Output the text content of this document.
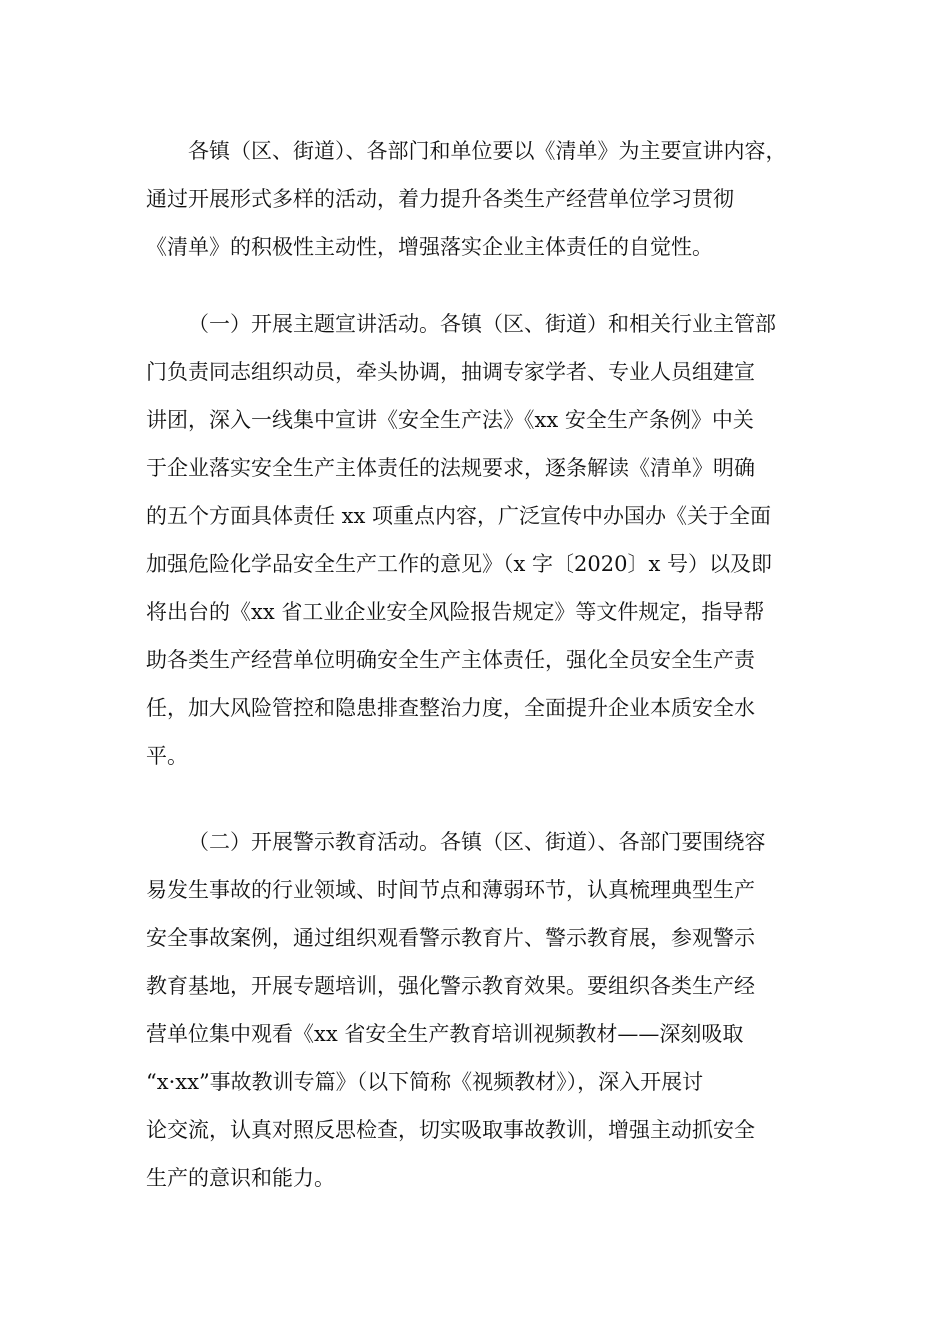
各镇（区、街道）、各部门和单位要以《清单》为主要宣讲内容，
通过开展形式多样的活动，着力提升各类生产经营单位学习贯彻
《清单》的积极性主动性，增强落实企业主体责任的自觉性。
（一）开展主题宣讲活动。各镇（区、街道）和相关行业主管部
门负责同志组织动员，牵头协调，抽调专家学者、专业人员组建宣
讲团，深入一线集中宣讲《安全生产法》《xx 安全生产条例》中关
于企业落实安全生产主体责任的法规要求，逐条解读《清单》明确
的五个方面具体责任 xx 项重点内容，广泛宣传中办国办《关于全面
加强危险化学品安全生产工作的意见》（x 字〔2020〕x 号）以及即
将出台的《xx 省工业企业安全风险报告规定》等文件规定，指导帮
助各类生产经营单位明确安全生产主体责任，强化全员安全生产责
任，加大风险管控和隐患排查整治力度，全面提升企业本质安全水
平。
（二）开展警示教育活动。各镇（区、街道）、各部门要围绕容
易发生事故的行业领域、时间节点和薄弱环节，认真梳理典型生产
安全事故案例，通过组织观看警示教育片、警示教育展，参观警示
教育基地，开展专题培训，强化警示教育效果。要组织各类生产经
营单位集中观看《xx 省安全生产教育培训视频教材——深刻吸取
“x·xx”事故教训专篇》（以下简称《视频教材》），深入开展讨
论交流，认真对照反思检查，切实吸取事故教训，增强主动抓安全
生产的意识和能力。
